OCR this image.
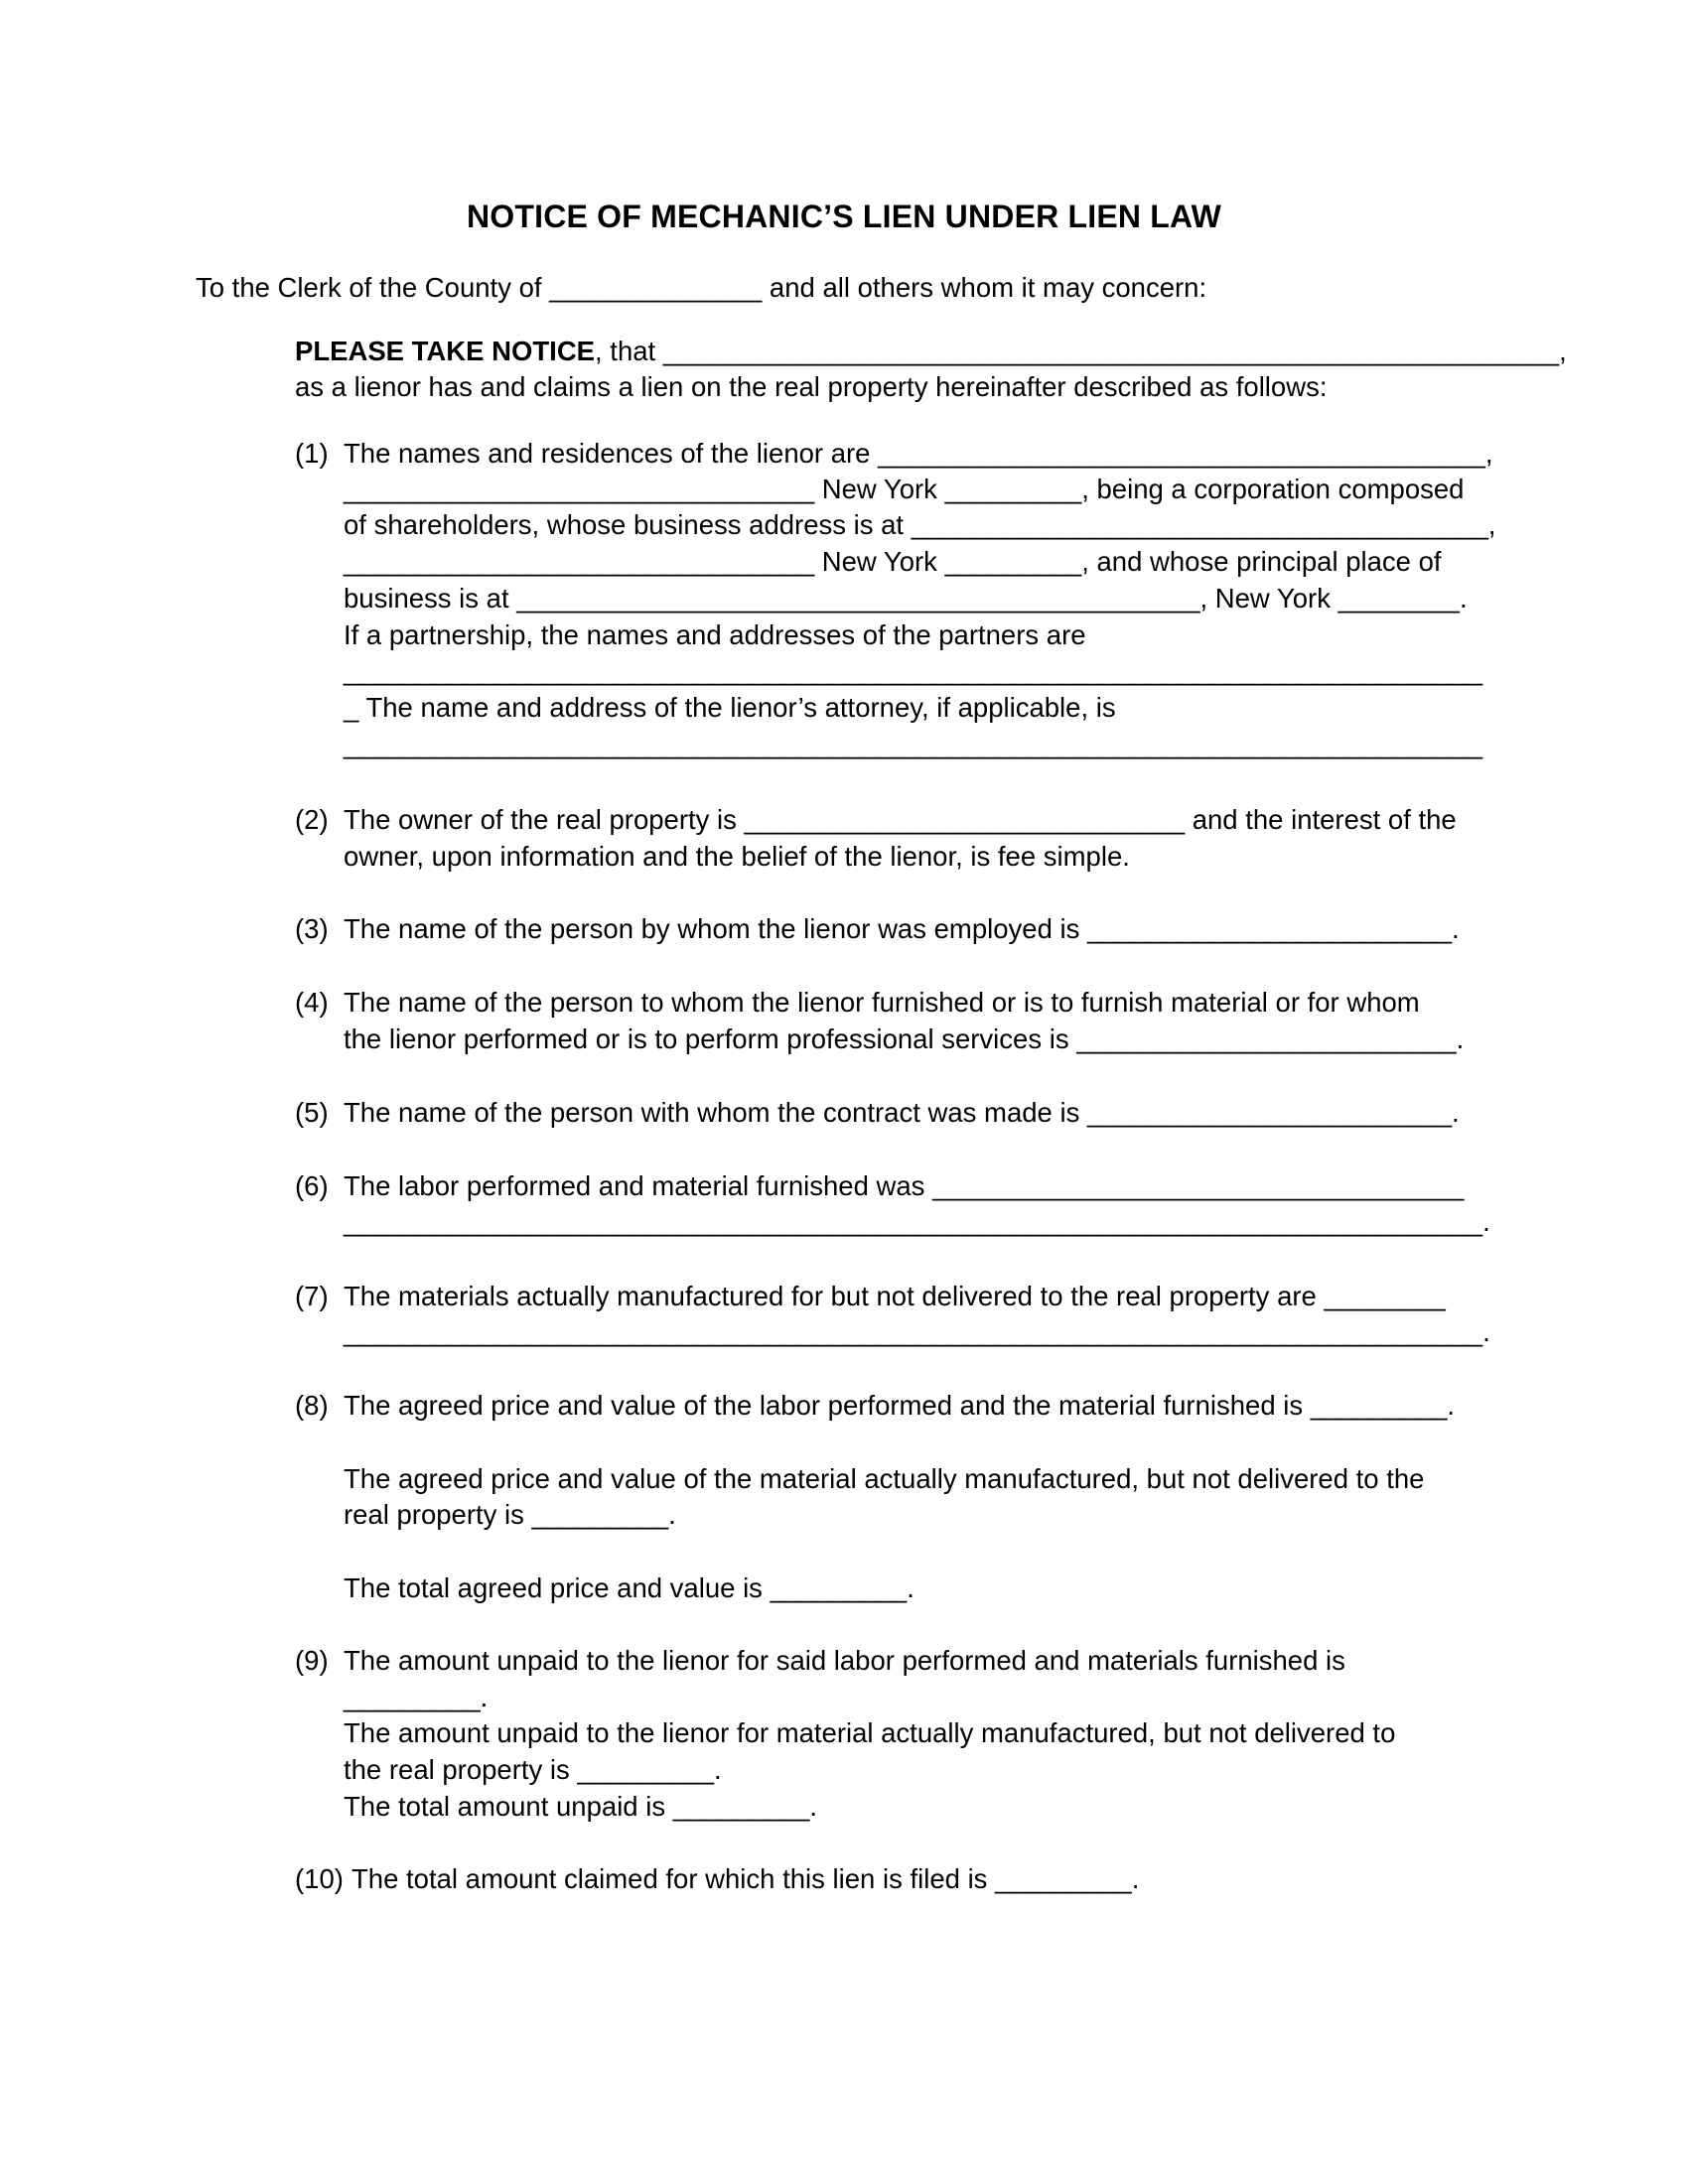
NOTICE OF MECHANIC’S LIEN UNDER LIEN LAW
To the Clerk of the County of ______________ and all others whom it may concern:
PLEASE TAKE NOTICE, that ___________________________________________________________,
as a lienor has and claims a lien on the real property hereinafter described as follows:
(1) The names and residences of the lienor are ________________________________________,
_______________________________ New York _________, being a corporation composed
of shareholders, whose business address is at ______________________________________,
_______________________________ New York _________, and whose principal place of
business is at _____________________________________________, New York ________.
If a partnership, the names and addresses of the partners are
___________________________________________________________________________
_ The name and address of the lienor’s attorney, if applicable, is
___________________________________________________________________________
(2) The owner of the real property is _____________________________ and the interest of the
owner, upon information and the belief of the lienor, is fee simple.
(3) The name of the person by whom the lienor was employed is ________________________.
(4) The name of the person to whom the lienor furnished or is to furnish material or for whom
the lienor performed or is to perform professional services is _________________________.
(5) The name of the person with whom the contract was made is ________________________.
(6) The labor performed and material furnished was ___________________________________
___________________________________________________________________________.
(7) The materials actually manufactured for but not delivered to the real property are ________
___________________________________________________________________________.
(8) The agreed price and value of the labor performed and the material furnished is _________.
The agreed price and value of the material actually manufactured, but not delivered to the
real property is _________.
The total agreed price and value is _________.
(9) The amount unpaid to the lienor for said labor performed and materials furnished is
_________.
The amount unpaid to the lienor for material actually manufactured, but not delivered to
the real property is _________.
The total amount unpaid is _________.
(10) The total amount claimed for which this lien is filed is _________.
